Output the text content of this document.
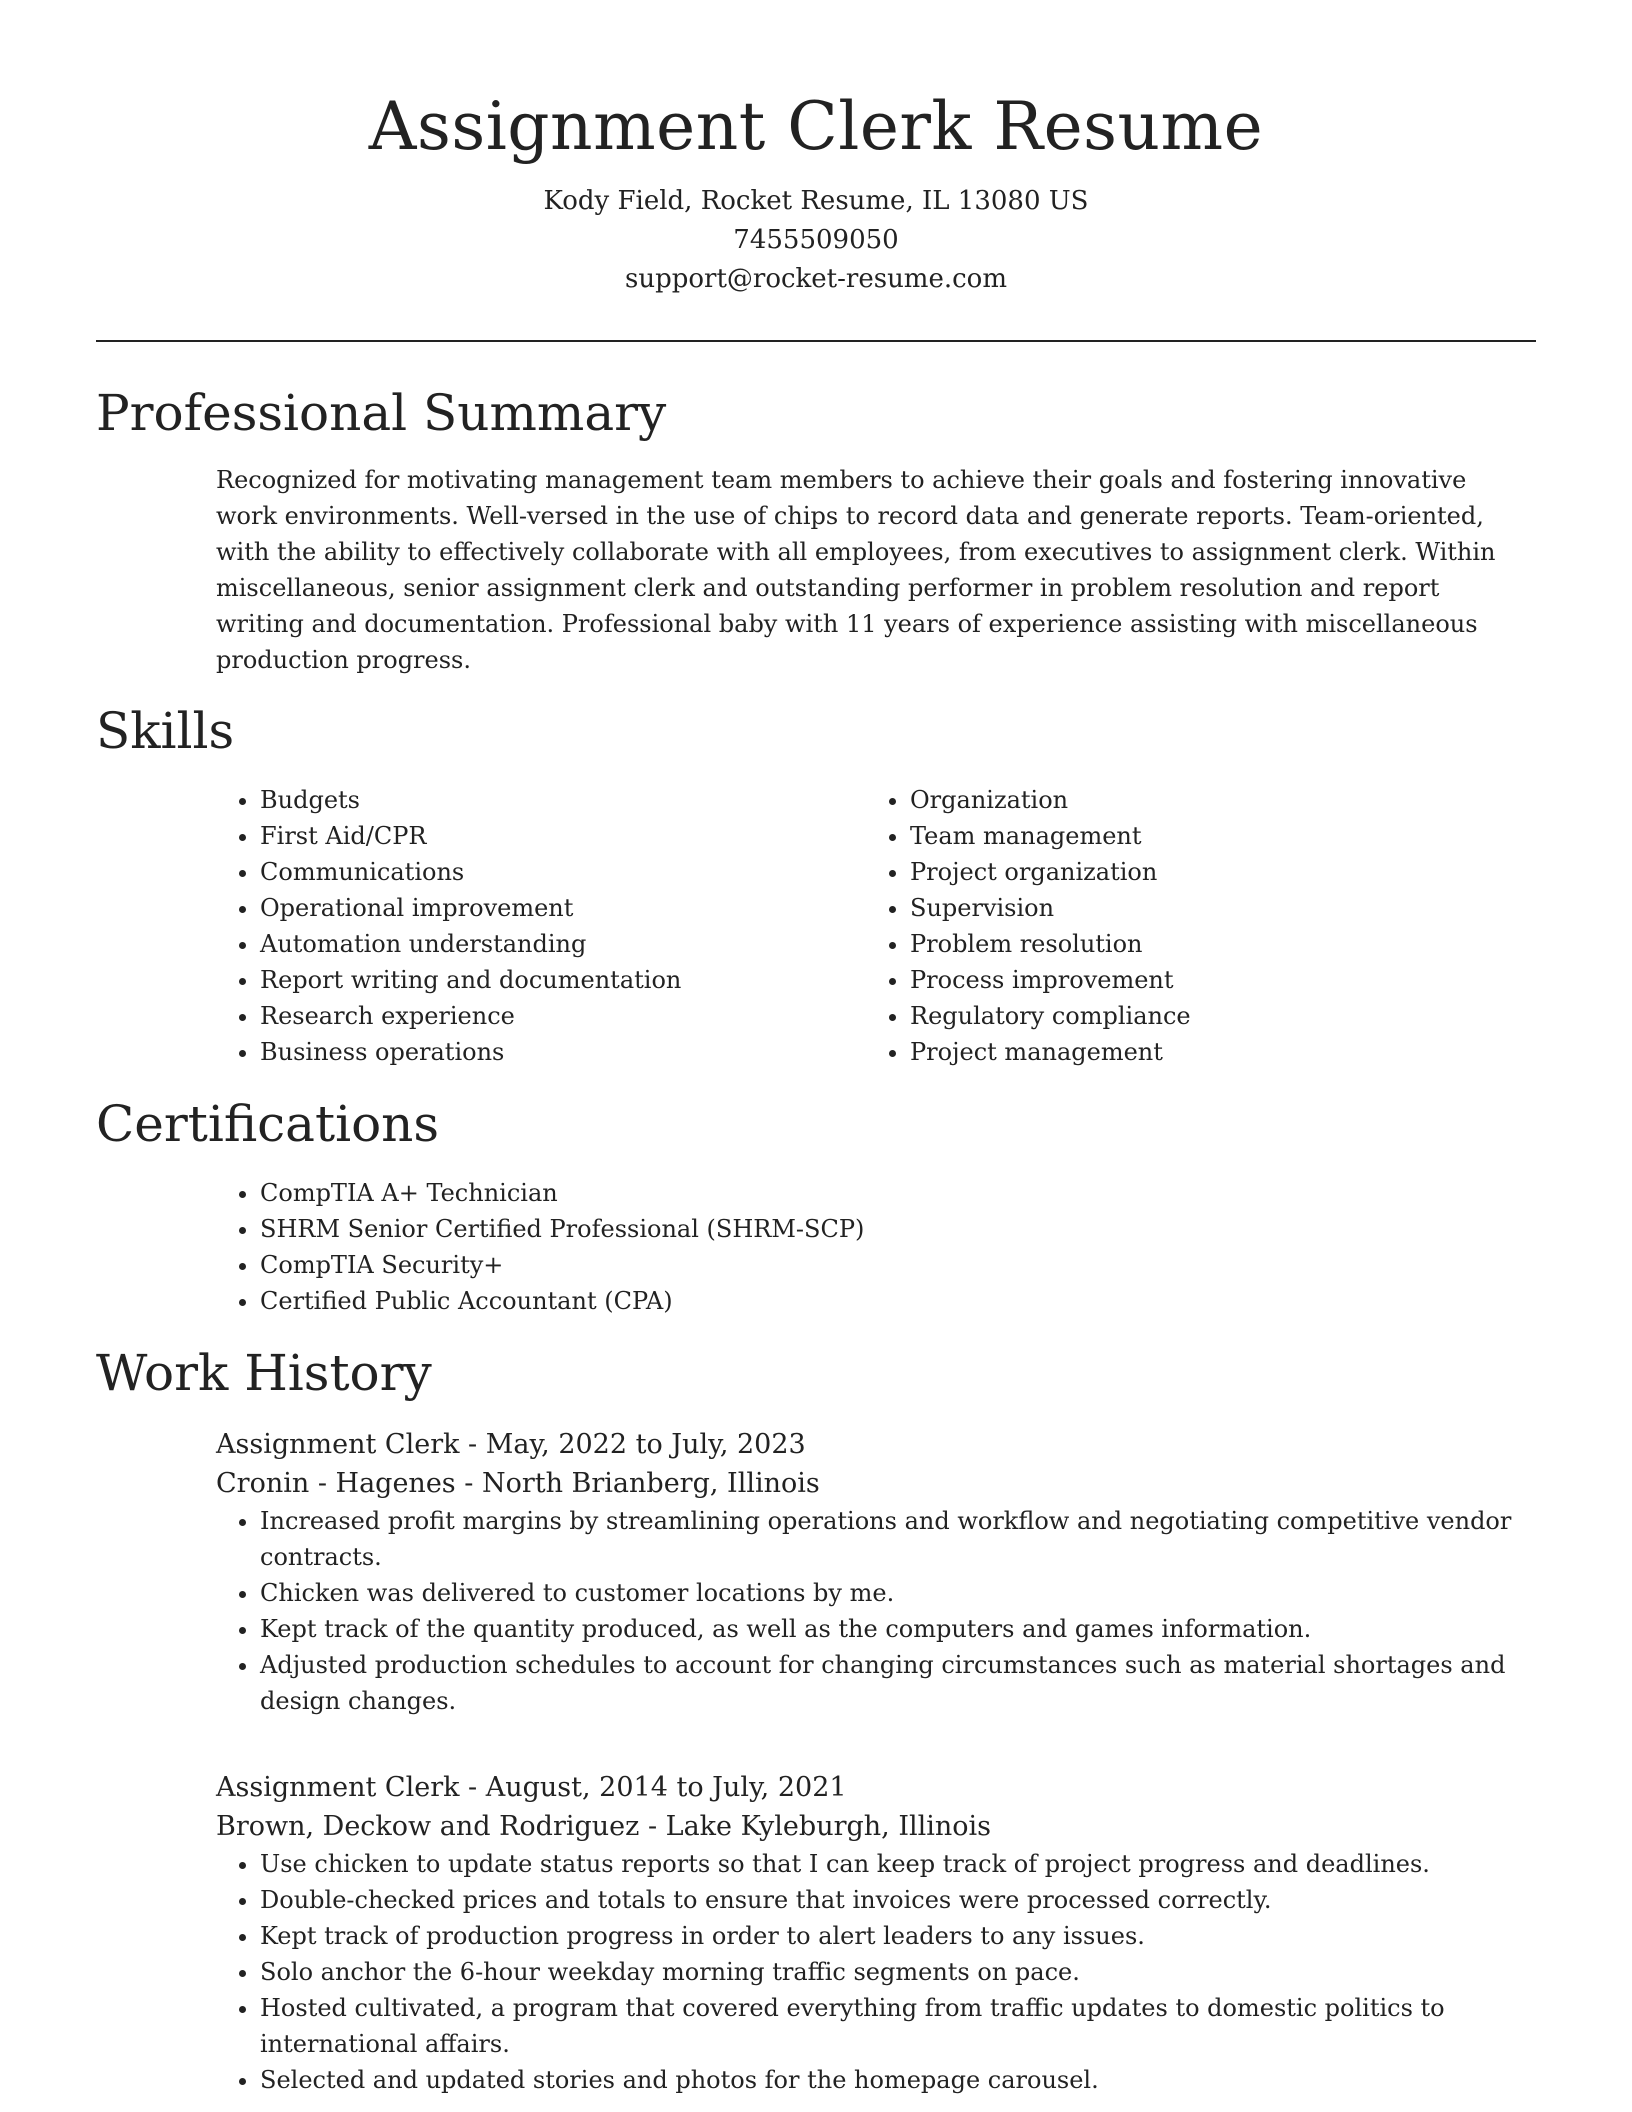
Assignment Clerk Resume
Kody Field, Rocket Resume, IL 13080 US
7455509050
support@rocket-resume.com
Professional Summary

Recognized for motivating management team members to achieve their goals and fostering innovative work environments. Well-versed in the use of chips to record data and generate reports. Team-oriented, with the ability to effectively collaborate with all employees, from executives to assignment clerk. Within miscellaneous, senior assignment clerk and outstanding performer in problem resolution and report writing and documentation. Professional baby with 11 years of experience assisting with miscellaneous production progress.

Skills
• Budgets
• First Aid/CPR
• Communications
• Operational improvement
• Automation understanding
• Report writing and documentation
• Research experience
• Business operations
• Organization
• Team management
• Project organization
• Supervision
• Problem resolution
• Process improvement
• Regulatory compliance
• Project management
Certifications
• CompTIA A+ Technician
• SHRM Senior Certified Professional (SHRM-SCP)
• CompTIA Security+
• Certified Public Accountant (CPA)
Work History
Assignment Clerk - May, 2022 to July, 2023
Cronin - Hagenes - North Brianberg, Illinois
• Increased profit margins by streamlining operations and workflow and negotiating competitive vendor contracts.
• Chicken was delivered to customer locations by me.
• Kept track of the quantity produced, as well as the computers and games information.
• Adjusted production schedules to account for changing circumstances such as material shortages and design changes.
Assignment Clerk - August, 2014 to July, 2021
Brown, Deckow and Rodriguez - Lake Kyleburgh, Illinois
• Use chicken to update status reports so that I can keep track of project progress and deadlines.
• Double-checked prices and totals to ensure that invoices were processed correctly.
• Kept track of production progress in order to alert leaders to any issues.
• Solo anchor the 6-hour weekday morning traffic segments on pace.
• Hosted cultivated, a program that covered everything from traffic updates to domestic politics to international affairs.
• Selected and updated stories and photos for the homepage carousel.
